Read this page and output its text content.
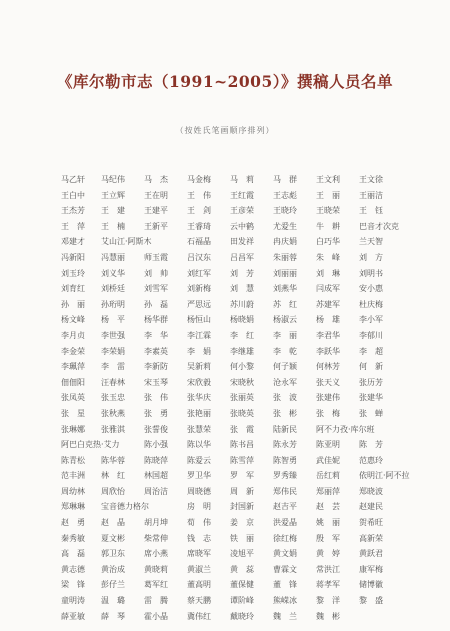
《库尔勒市志（1991~2005）》撰稿人员名单
（按姓氏笔画顺序排列）
马乙轩	马纪伟	马　杰	马金梅	马　莉	马　群	王文利	王文徐
王白中	王立辉	王在明	王　伟	王红霞	王志彪	王　丽	王丽洁
王杰芳	王　建	王建平	王　剑	王彦荣	王晓玲	王晓荣	王　钰
王　萍	王　楠	王新平	王睿琦	云中鹤	尤爱生	牛　耕	巴音才次克
邓建才	艾山江·阿斯木	石福晶	田发祥	冉庆娟	白巧华	兰天智
冯新阳	冯慧丽	师玉霞	吕汉东	吕昌军	朱丽蓉	朱　峰	刘　方
刘玉玲	刘义华	刘　帅	刘红军	刘　芳	刘丽丽	刘　琳	刘明书
刘育红	刘桥廷	刘雪军	刘新梅	刘　慧	刘燕华	闫成军	安小惠
孙　丽	孙珩明	孙　磊	严思远	苏川蔚	苏　红	苏建军	杜庆梅
杨文峰	杨　平	杨华群	杨恒山	杨晓娟	杨淑云	杨　雄	李小军
李月贞	李世强	李　华	李江霖	李　红	李　丽	李君华	李郁川
李金荣	李荣娟	李素英	李　娟	李继雄	李　乾	李跃华	李　超
李珮萍	李　雷	李新防	吴新莉	何小黎	何子颖	何林芳	何　新
佃佃阳	汪春林	宋玉琴	宋欣毅	宋晓秋	沧永军	张天义	张历芳
张凤英	张玉忠	张　伟	张华庆	张丽英	张　波	张建伟	张建华
张　星	张秋燕	张　勇	张艳丽	张晓英	张　彬	张　梅	张　蝉
张琳娜	张雅淇	张誓俊	张慧荣	张　霞	陆新民	阿不力孜·库尔班
阿巴白克热·艾力	陈小强	陈以华	陈书昌	陈永芳	陈亚明	陈　芳
陈青松	陈华蓉	陈晓萍	陈爱云	陈雪萍	陈智勇	武佳妮	范惠玲
范丰洲	林　红	林国超	罗卫华	罗　军	罗秀臻	岳红莉	依明江·阿不拉
周幼林	周欣怡	周治洁	周晓德	周　新	郑伟民	郑丽萍	郑晓波
郑琳琳	宝音德力格尔	房　明	封国新	赵吉平	赵　芸	赵建民
赵　勇	赵　晶	胡月坤	荀　伟	姜　京	洪爱晶	姚　丽	贺希旺
秦秀敏	夏文彬	柴常伸	钱　志	铁　丽	徐红梅	殷　军	高新荣
高　磊	郭卫东	席小燕	席晓军	凌旭平	黄文娟	黄　婷	黄跃君
黄志德	黄治成	黄晓莉	黄淑兰	黄　蕊	曹霖文	常洪江	康军梅
梁　锋	彭仔兰	葛军红	董高明	董保健	董　锋	蒋孝军	储博徽
童明涛	温　璐	雷　腾	蔡天鹏	谭阶峰	熊嵘冰	黎　洋	黎　盛
薛亚敏	薛　琴	霍小晶	冀伟红	戴晓玲	魏　兰	魏　彬
